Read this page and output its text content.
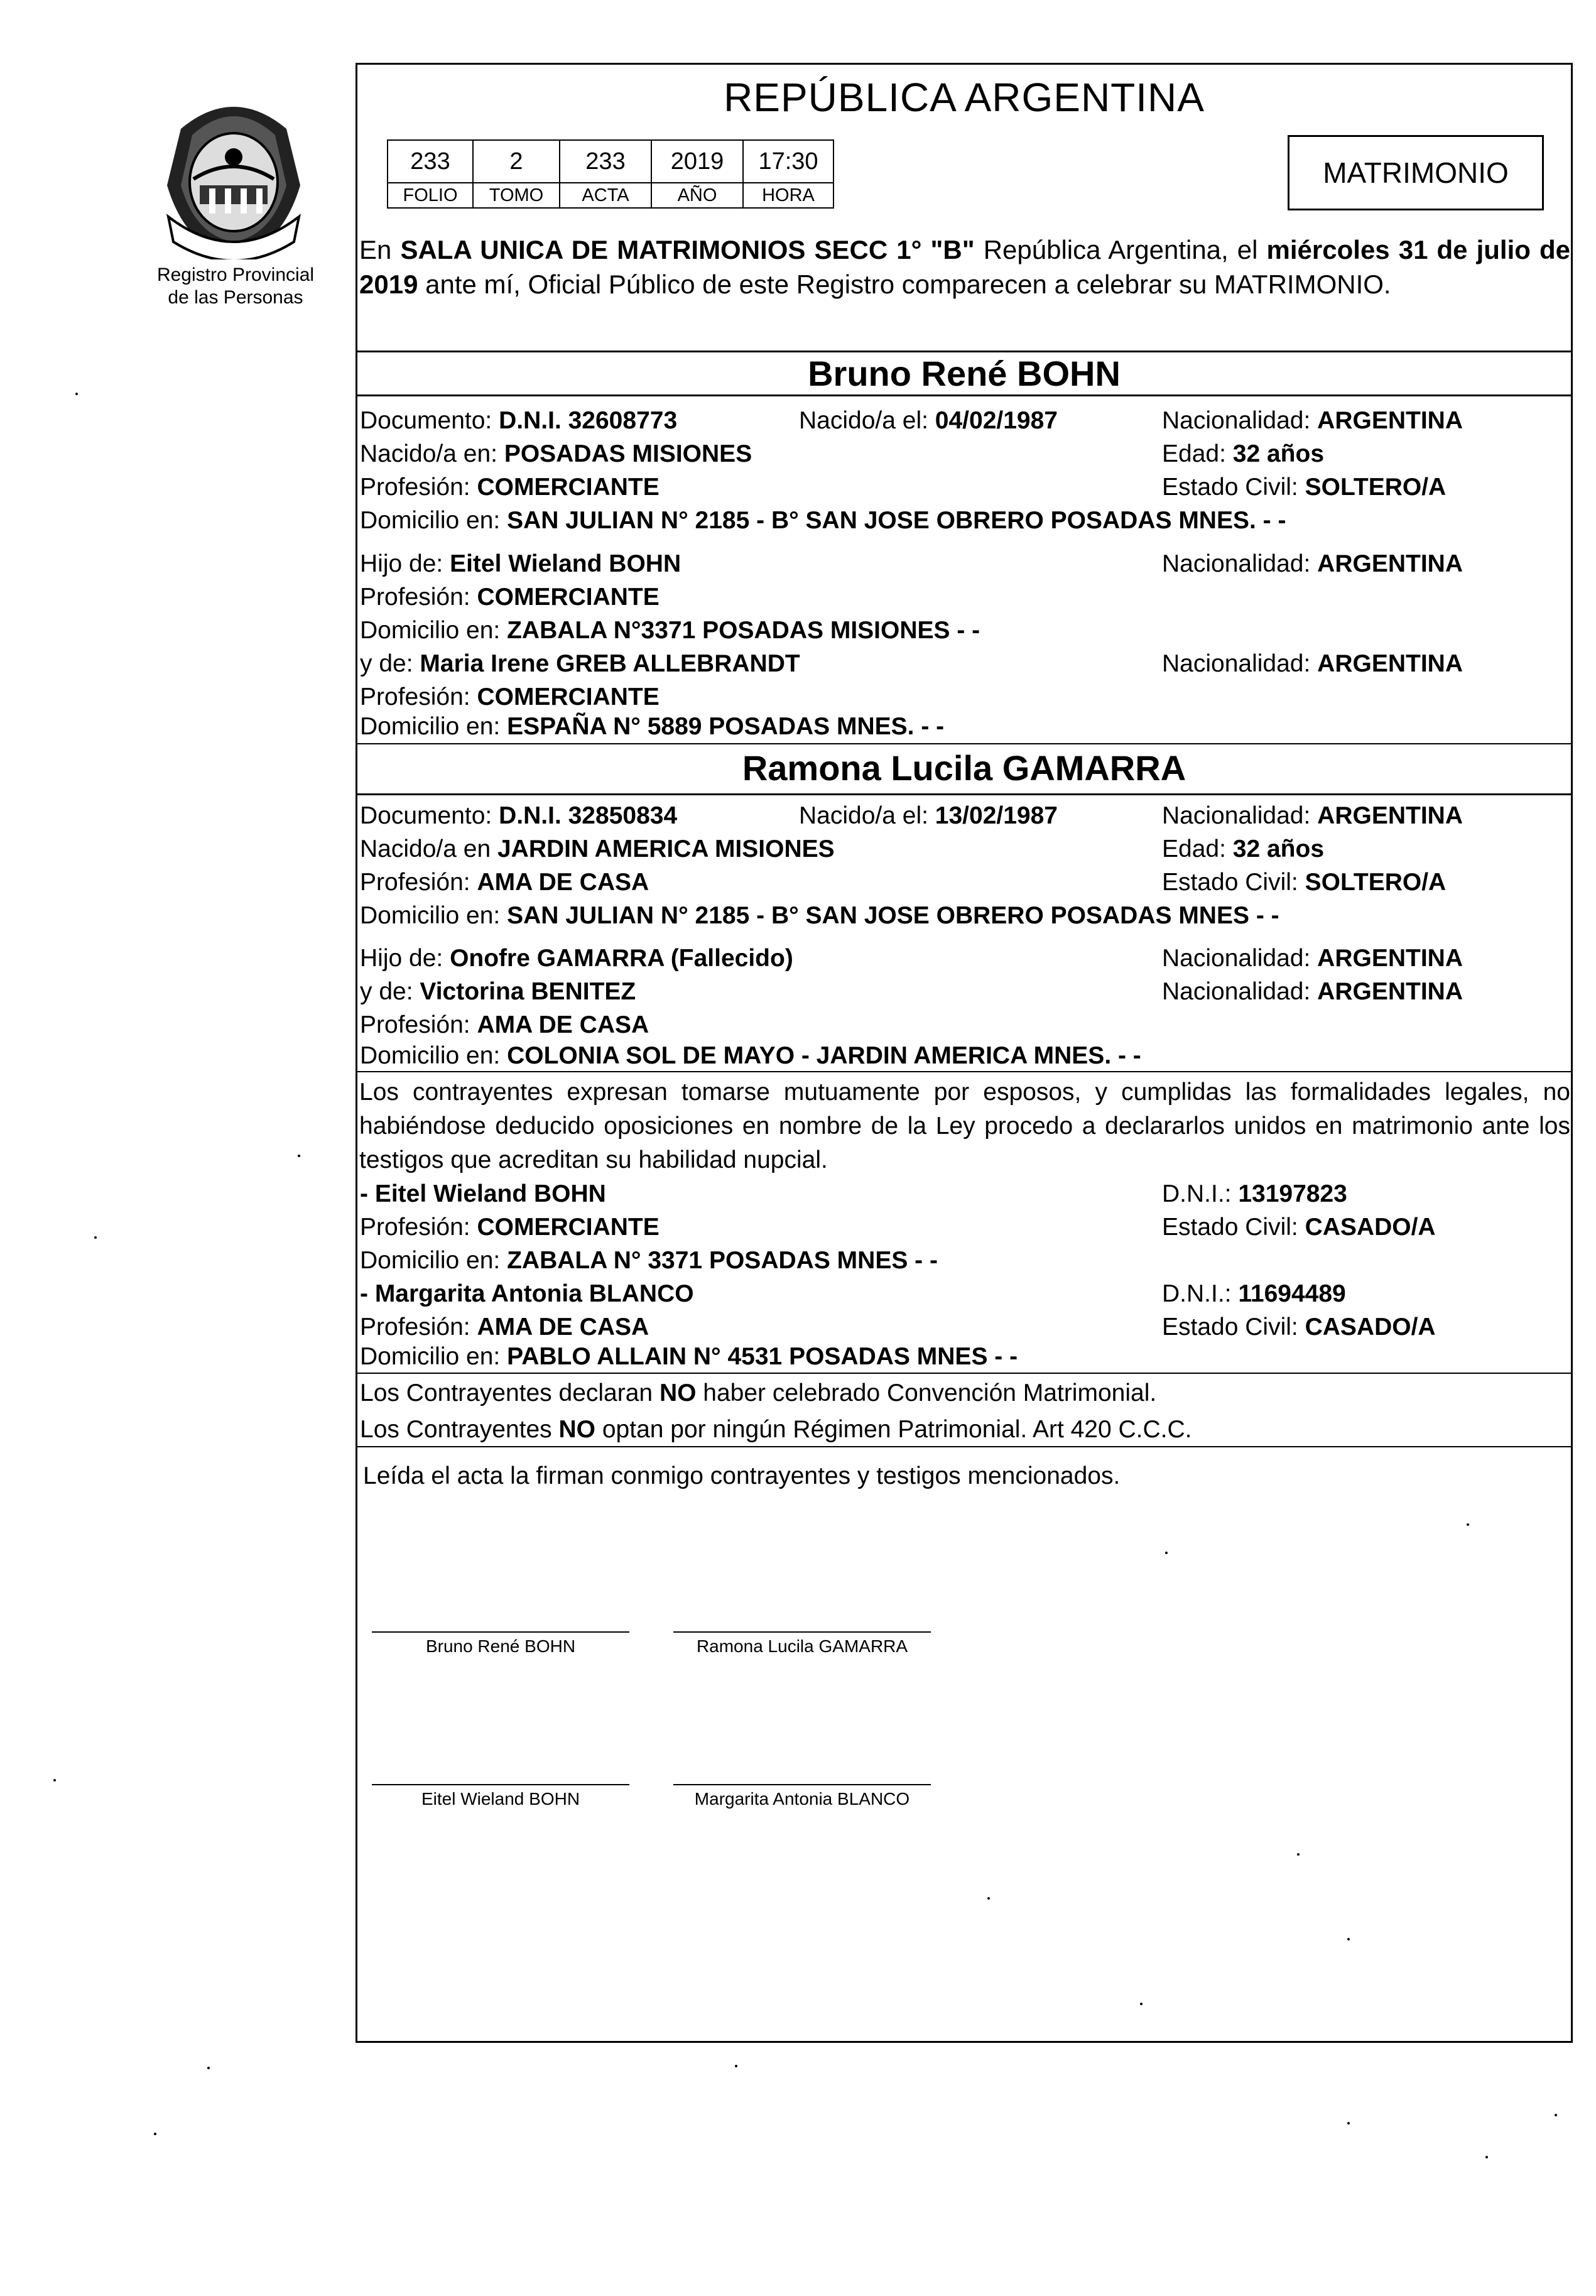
Registro Provincial
de las Personas
REPÚBLICA ARGENTINA
233	2	233	2019	17:30
FOLIO	TOMO	ACTA	AÑO	HORA
MATRIMONIO
En SALA UNICA DE MATRIMONIOS SECC 1° "B" República Argentina, el miércoles 31 de julio de 2019 ante mí, Oficial Público de este Registro comparecen a celebrar su MATRIMONIO.
Bruno René BOHN
Documento: D.N.I. 32608773	Nacido/a el: 04/02/1987	Nacionalidad: ARGENTINA
Nacido/a en: POSADAS MISIONES	Edad: 32 años
Profesión: COMERCIANTE	Estado Civil: SOLTERO/A
Domicilio en: SAN JULIAN N° 2185 - B° SAN JOSE OBRERO POSADAS MNES. - -
Hijo de: Eitel Wieland BOHN	Nacionalidad: ARGENTINA
Profesión: COMERCIANTE
Domicilio en: ZABALA N°3371 POSADAS MISIONES - -
y de: Maria Irene GREB ALLEBRANDT	Nacionalidad: ARGENTINA
Profesión: COMERCIANTE
Domicilio en: ESPAÑA N° 5889 POSADAS MNES. - -
Ramona Lucila GAMARRA
Documento: D.N.I. 32850834	Nacido/a el: 13/02/1987	Nacionalidad: ARGENTINA
Nacido/a en JARDIN AMERICA MISIONES	Edad: 32 años
Profesión: AMA DE CASA	Estado Civil: SOLTERO/A
Domicilio en: SAN JULIAN N° 2185 - B° SAN JOSE OBRERO POSADAS MNES - -
Hijo de: Onofre GAMARRA (Fallecido)	Nacionalidad: ARGENTINA
y de: Victorina BENITEZ	Nacionalidad: ARGENTINA
Profesión: AMA DE CASA
Domicilio en: COLONIA SOL DE MAYO - JARDIN AMERICA MNES. - -
Los contrayentes expresan tomarse mutuamente por esposos, y cumplidas las formalidades legales, no habiéndose deducido oposiciones en nombre de la Ley procedo a declararlos unidos en matrimonio ante los testigos que acreditan su habilidad nupcial.
- Eitel Wieland BOHN	D.N.I.: 13197823
Profesión: COMERCIANTE	Estado Civil: CASADO/A
Domicilio en: ZABALA N° 3371 POSADAS MNES - -
- Margarita Antonia BLANCO	D.N.I.: 11694489
Profesión: AMA DE CASA	Estado Civil: CASADO/A
Domicilio en: PABLO ALLAIN N° 4531 POSADAS MNES - -
Los Contrayentes declaran NO haber celebrado Convención Matrimonial.
Los Contrayentes NO optan por ningún Régimen Patrimonial. Art 420 C.C.C.
Leída el acta la firman conmigo contrayentes y testigos mencionados.
Bruno René BOHN	Ramona Lucila GAMARRA
Eitel Wieland BOHN	Margarita Antonia BLANCO
